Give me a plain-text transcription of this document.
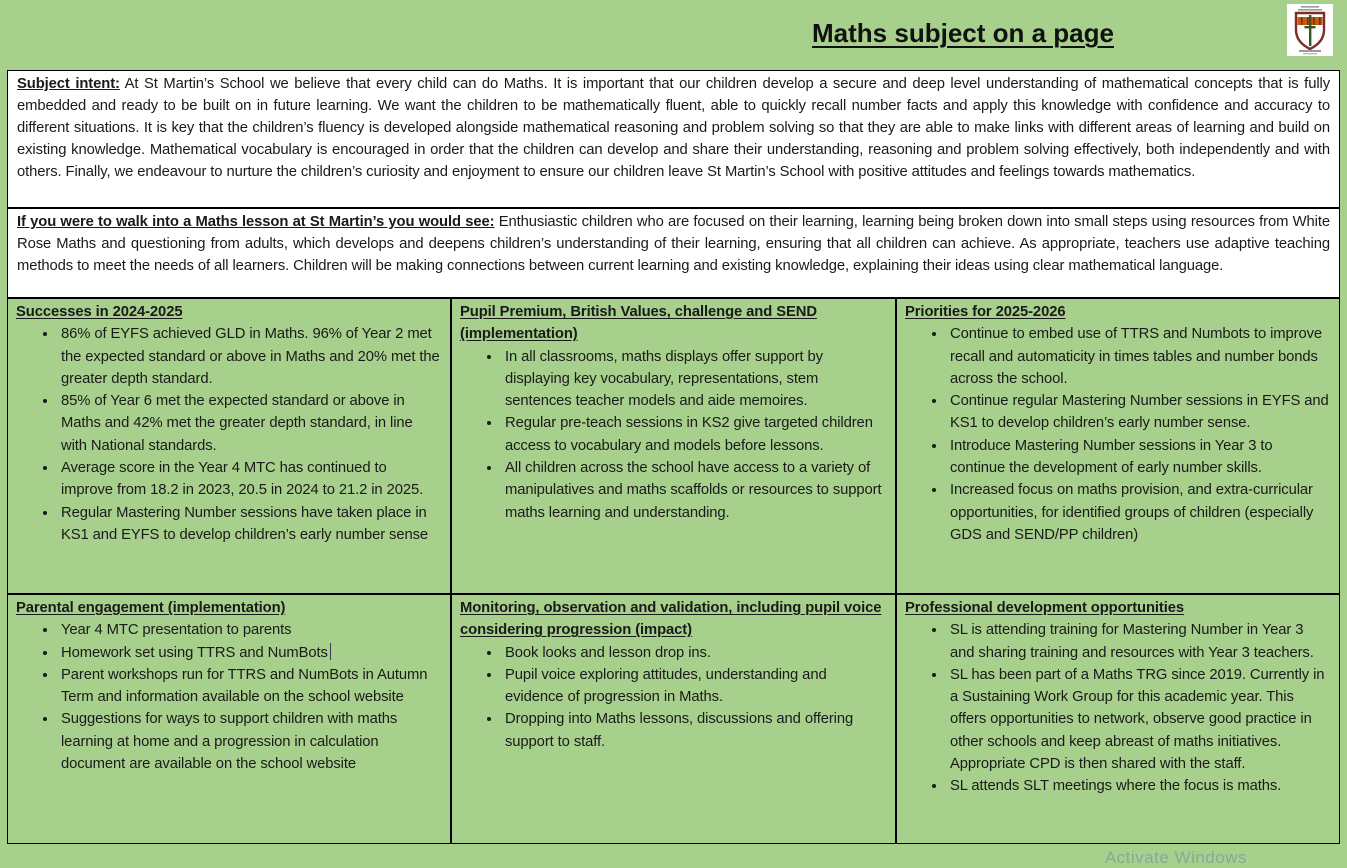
Maths subject on a page
Subject intent: At St Martin’s School we believe that every child can do Maths. It is important that our children develop a secure and deep level understanding of mathematical concepts that is fully embedded and ready to be built on in future learning. We want the children to be mathematically fluent, able to quickly recall number facts and apply this knowledge with confidence and accuracy to different situations. It is key that the children’s fluency is developed alongside mathematical reasoning and problem solving so that they are able to make links with different areas of learning and build on existing knowledge. Mathematical vocabulary is encouraged in order that the children can develop and share their understanding, reasoning and problem solving effectively, both independently and with others. Finally, we endeavour to nurture the children’s curiosity and enjoyment to ensure our children leave St Martin’s School with positive attitudes and feelings towards mathematics.
If you were to walk into a Maths lesson at St Martin’s you would see: Enthusiastic children who are focused on their learning, learning being broken down into small steps using resources from White Rose Maths and questioning from adults, which develops and deepens children’s understanding of their learning, ensuring that all children can achieve. As appropriate, teachers use adaptive teaching methods to meet the needs of all learners. Children will be making connections between current learning and existing knowledge, explaining their ideas using clear mathematical language.
Successes in 2024-2025
• 86% of EYFS achieved GLD in Maths. 96% of Year 2 met the expected standard or above in Maths and 20% met the greater depth standard.
• 85% of Year 6 met the expected standard or above in Maths and 42% met the greater depth standard, in line with National standards.
• Average score in the Year 4 MTC has continued to improve from 18.2 in 2023, 20.5 in 2024 to 21.2 in 2025.
• Regular Mastering Number sessions have taken place in KS1 and EYFS to develop children’s early number sense
Pupil Premium, British Values, challenge and SEND (implementation)
• In all classrooms, maths displays offer support by displaying key vocabulary, representations, stem sentences teacher models and aide memoires.
• Regular pre-teach sessions in KS2 give targeted children access to vocabulary and models before lessons.
• All children across the school have access to a variety of manipulatives and maths scaffolds or resources to support maths learning and understanding.
Priorities for 2025-2026
• Continue to embed use of TTRS and Numbots to improve recall and automaticity in times tables and number bonds across the school.
• Continue regular Mastering Number sessions in EYFS and KS1 to develop children’s early number sense.
• Introduce Mastering Number sessions in Year 3 to continue the development of early number skills.
• Increased focus on maths provision, and extra-curricular opportunities, for identified groups of children (especially GDS and SEND/PP children)
Parental engagement (implementation)
• Year 4 MTC presentation to parents
• Homework set using TTRS and NumBots
• Parent workshops run for TTRS and NumBots in Autumn Term and information available on the school website
• Suggestions for ways to support children with maths learning at home and a progression in calculation document are available on the school website
Monitoring, observation and validation, including pupil voice considering progression (impact)
• Book looks and lesson drop ins.
• Pupil voice exploring attitudes, understanding and evidence of progression in Maths.
• Dropping into Maths lessons, discussions and offering support to staff.
Professional development opportunities
• SL is attending training for Mastering Number in Year 3 and sharing training and resources with Year 3 teachers.
• SL has been part of a Maths TRG since 2019. Currently in a Sustaining Work Group for this academic year. This offers opportunities to network, observe good practice in other schools and keep abreast of maths initiatives. Appropriate CPD is then shared with the staff.
• SL attends SLT meetings where the focus is maths.
Activate Windows
